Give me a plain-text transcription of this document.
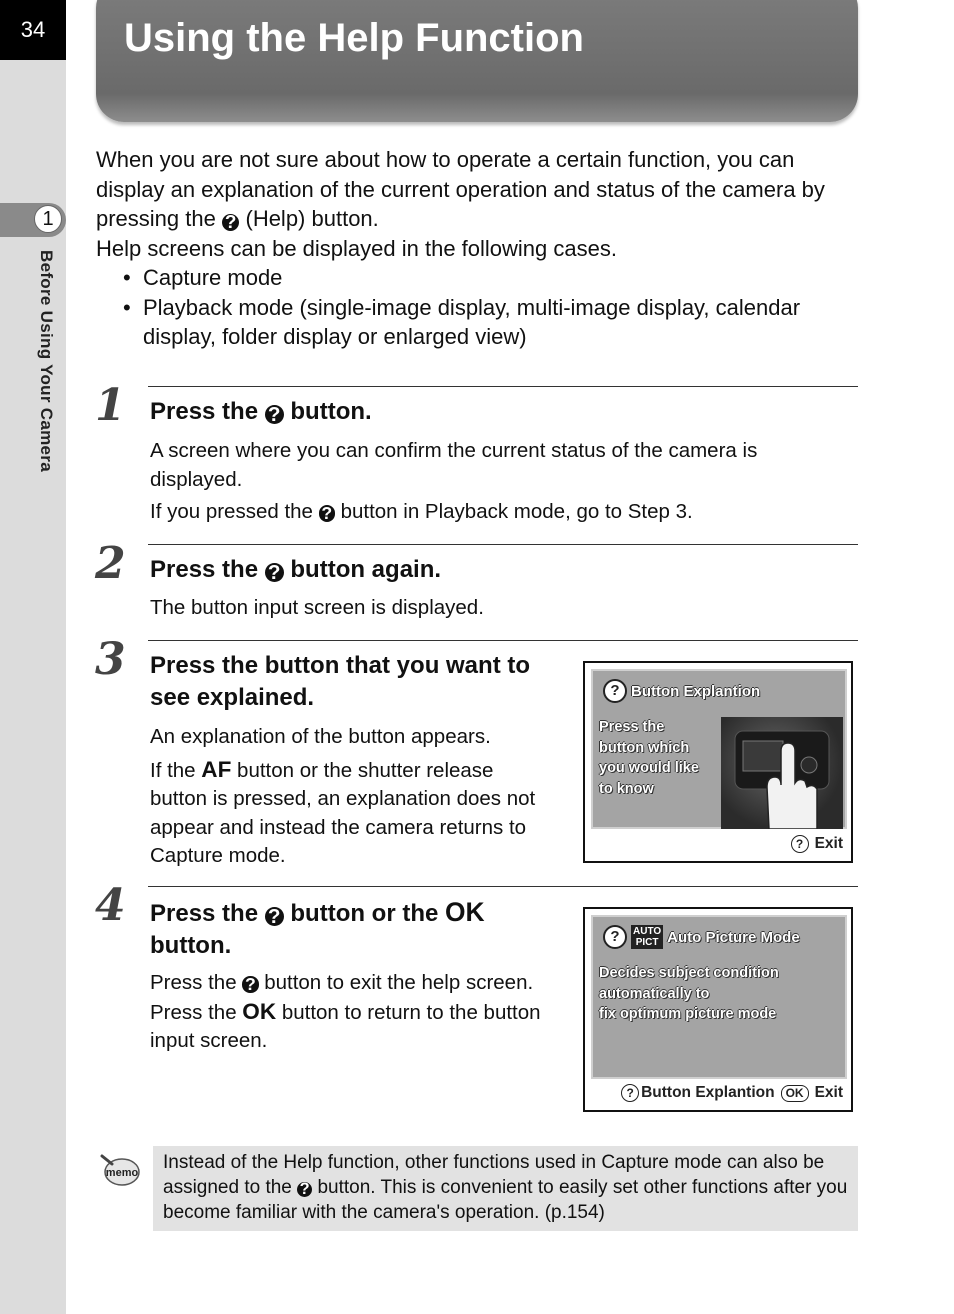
34
1
Before Using Your Camera
Using the Help Function

When you are not sure about how to operate a certain function, you can display an explanation of the current operation and status of the camera by pressing the ? (Help) button.

Help screens can be displayed in the following cases.

• Capture mode
• Playback mode (single-image display, multi-image display, calendar display, folder display or enlarged view)
1 Press the ? button.

A screen where you can confirm the current status of the camera is displayed.

If you pressed the ? button in Playback mode, go to Step 3.

2 Press the ? button again.

The button input screen is displayed.

3 Press the button that you want to see explained.

An explanation of the button appears.

If the AF button or the shutter release button is pressed, an explanation does not appear and instead the camera returns to Capture mode.

? Button Explantion
Press the
button which
you would like
to know
? Exit
4 Press the ? button or the OK button.

Press the ? button to exit the help screen. Press the OK button to return to the button input screen.

?	AUTO
PICT Auto Picture Mode
Decides subject condition
automatically to
fix optimum picture mode
? Button Explantion OK Exit
memo	Instead of the Help function, other functions used in Capture mode can also be assigned to the ? button. This is convenient to easily set other functions after you become familiar with the camera's operation. (p.154)
